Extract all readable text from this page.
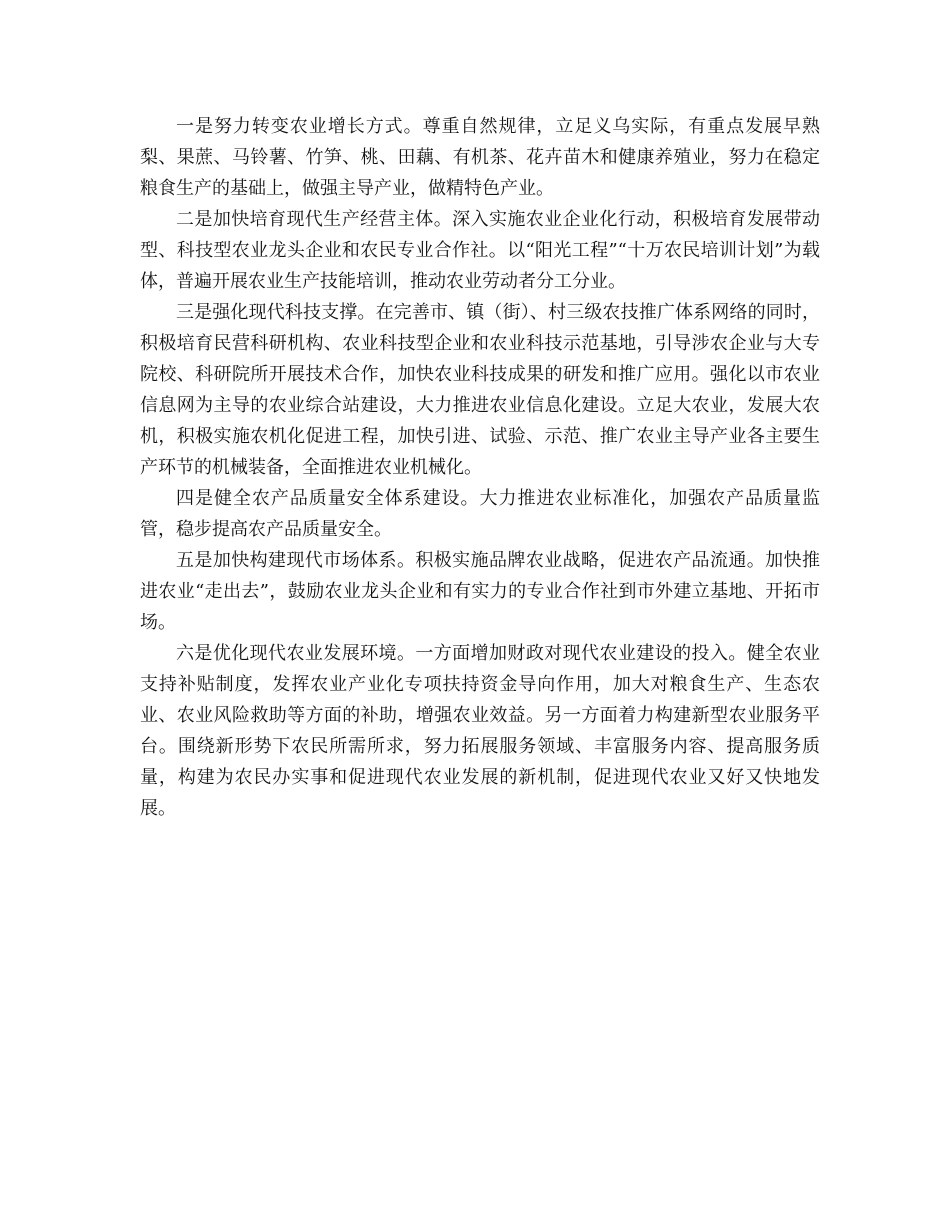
一是努力转变农业增长方式。尊重自然规律，立足义乌实际，有重点发展早熟梨、果蔗、马铃薯、竹笋、桃、田藕、有机茶、花卉苗木和健康养殖业，努力在稳定粮食生产的基础上，做强主导产业，做精特色产业。

二是加快培育现代生产经营主体。深入实施农业企业化行动，积极培育发展带动型、科技型农业龙头企业和农民专业合作社。以“阳光工程”“十万农民培训计划”为载体，普遍开展农业生产技能培训，推动农业劳动者分工分业。

三是强化现代科技支撑。在完善市、镇（街）、村三级农技推广体系网络的同时，积极培育民营科研机构、农业科技型企业和农业科技示范基地，引导涉农企业与大专院校、科研院所开展技术合作，加快农业科技成果的研发和推广应用。强化以市农业信息网为主导的农业综合站建设，大力推进农业信息化建设。立足大农业，发展大农机，积极实施农机化促进工程，加快引进、试验、示范、推广农业主导产业各主要生产环节的机械装备，全面推进农业机械化。

四是健全农产品质量安全体系建设。大力推进农业标准化，加强农产品质量监管，稳步提高农产品质量安全。

五是加快构建现代市场体系。积极实施品牌农业战略，促进农产品流通。加快推进农业“走出去”，鼓励农业龙头企业和有实力的专业合作社到市外建立基地、开拓市场。

六是优化现代农业发展环境。一方面增加财政对现代农业建设的投入。健全农业支持补贴制度，发挥农业产业化专项扶持资金导向作用，加大对粮食生产、生态农业、农业风险救助等方面的补助，增强农业效益。另一方面着力构建新型农业服务平台。围绕新形势下农民所需所求，努力拓展服务领域、丰富服务内容、提高服务质量，构建为农民办实事和促进现代农业发展的新机制，促进现代农业又好又快地发展。
